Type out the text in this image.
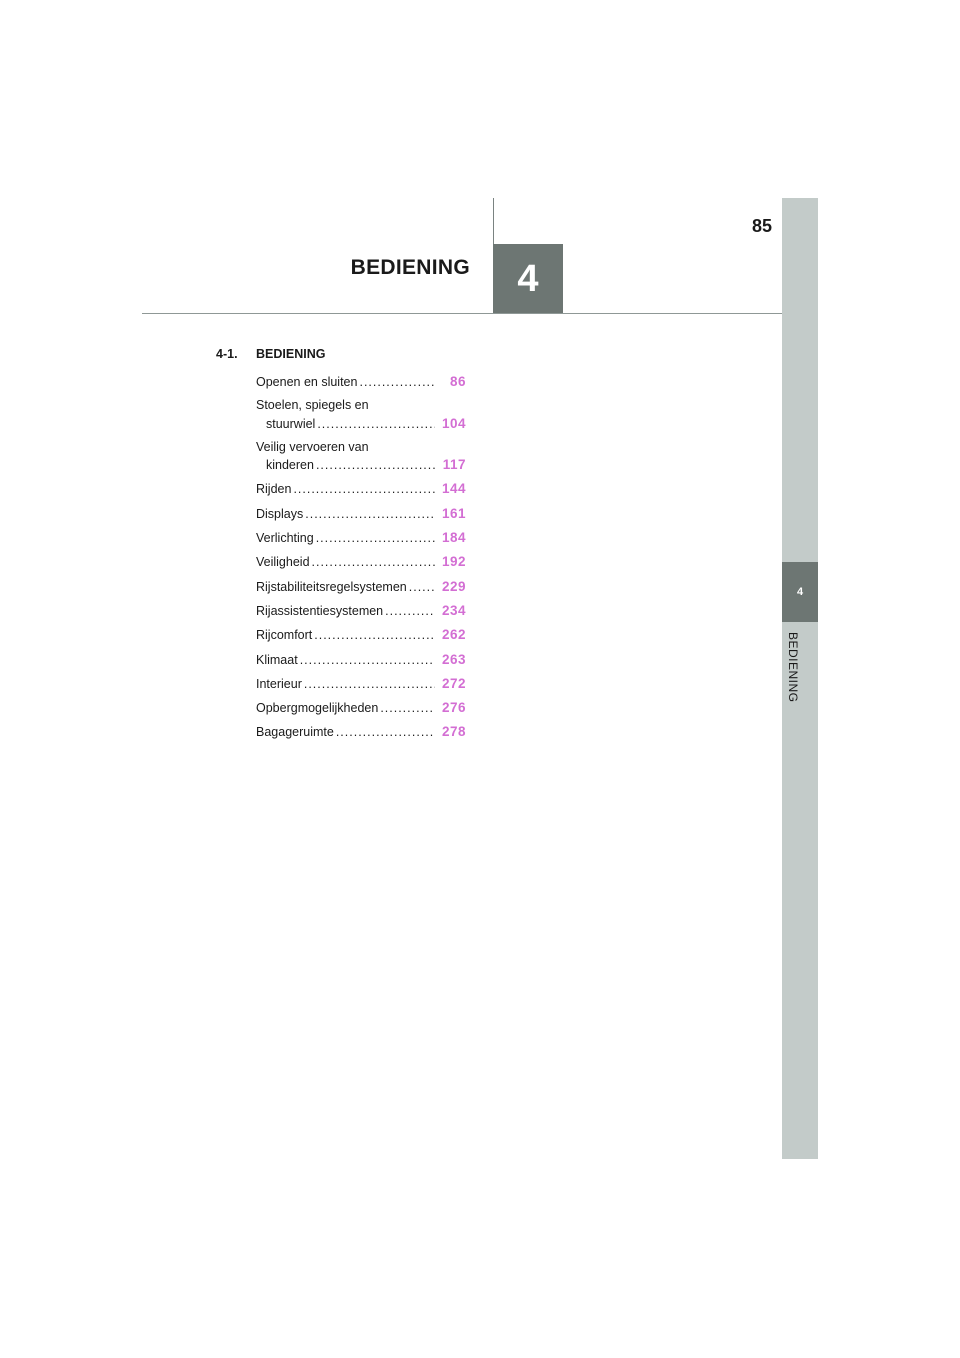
4
BEDIENING
85
BEDIENING 4
4-1.	BEDIENING
Openen en sluiten .....	86
Stoelen, spiegels en
stuurwiel .....	104
Veilig vervoeren van
kinderen .....	117
Rijden .....	144
Displays .....	161
Verlichting .....	184
Veiligheid .....	192
Rijstabiliteitsregelsystemen .....	229
Rijassistentiesystemen .....	234
Rijcomfort .....	262
Klimaat .....	263
Interieur .....	272
Opbergmogelijkheden .....	276
Bagageruimte .....	278
